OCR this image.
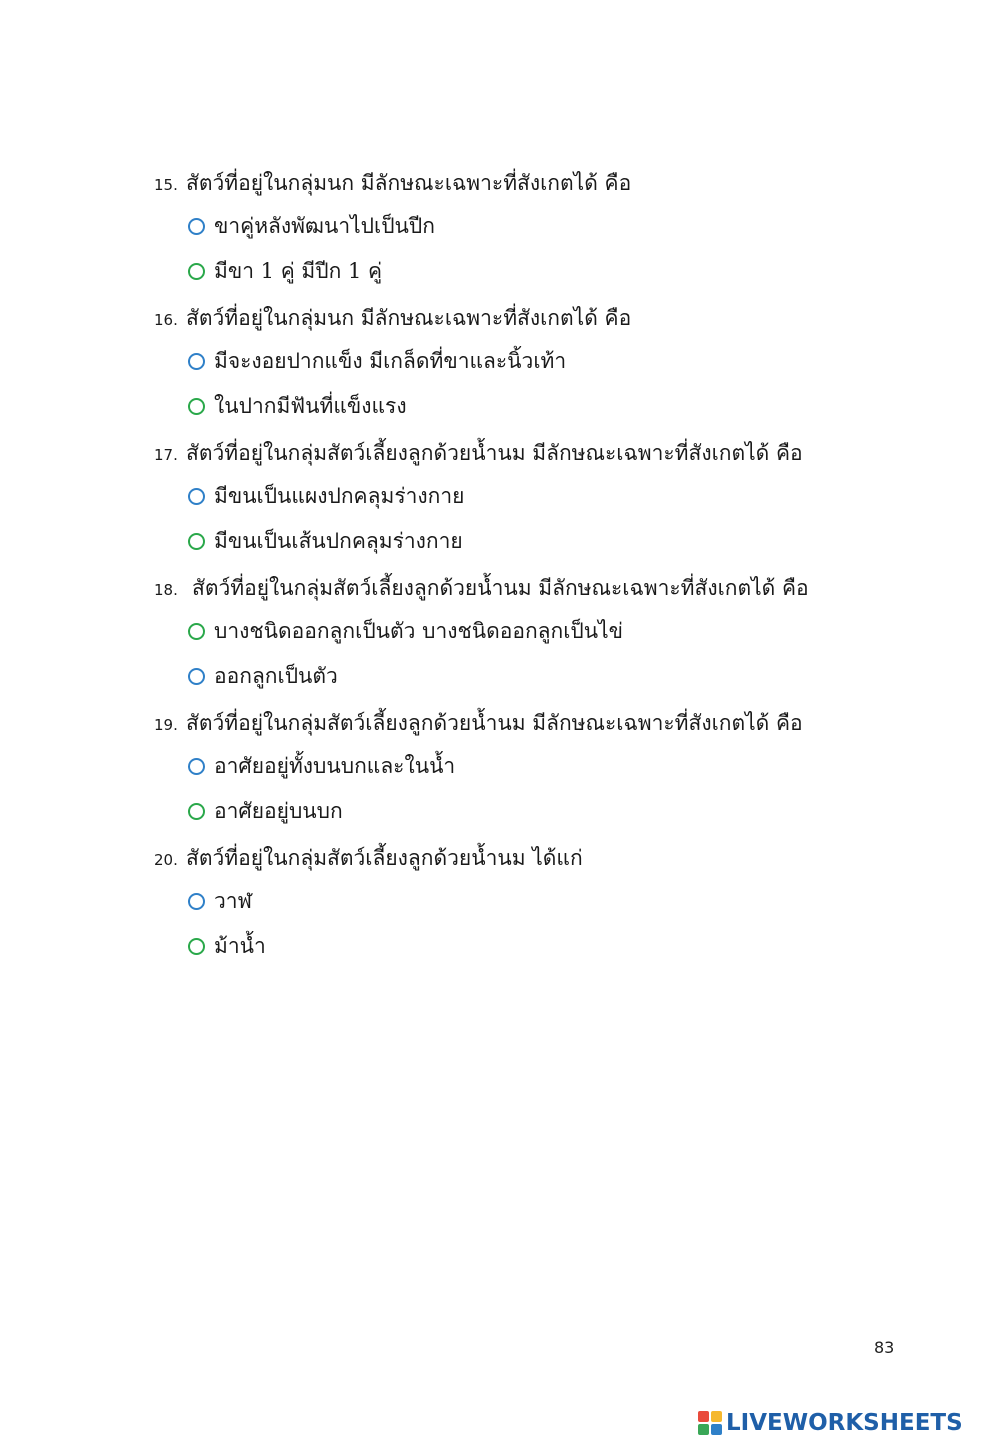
15. สัตว์ที่อยู่ในกลุ่มนก มีลักษณะเฉพาะที่สังเกตได้ คือ
ขาคู่หลังพัฒนาไปเป็นปีก
มีขา 1 คู่ มีปีก 1 คู่
16. สัตว์ที่อยู่ในกลุ่มนก มีลักษณะเฉพาะที่สังเกตได้ คือ
มีจะงอยปากแข็ง มีเกล็ดที่ขาและนิ้วเท้า
ในปากมีฟันที่แข็งแรง
17. สัตว์ที่อยู่ในกลุ่มสัตว์เลี้ยงลูกด้วยน้ำนม มีลักษณะเฉพาะที่สังเกตได้ คือ
มีขนเป็นแผงปกคลุมร่างกาย
มีขนเป็นเส้นปกคลุมร่างกาย
18. สัตว์ที่อยู่ในกลุ่มสัตว์เลี้ยงลูกด้วยน้ำนม มีลักษณะเฉพาะที่สังเกตได้ คือ
บางชนิดออกลูกเป็นตัว บางชนิดออกลูกเป็นไข่
ออกลูกเป็นตัว
19. สัตว์ที่อยู่ในกลุ่มสัตว์เลี้ยงลูกด้วยน้ำนม มีลักษณะเฉพาะที่สังเกตได้ คือ
อาศัยอยู่ทั้งบนบกและในน้ำ
อาศัยอยู่บนบก
20. สัตว์ที่อยู่ในกลุ่มสัตว์เลี้ยงลูกด้วยน้ำนม ได้แก่
วาฬ
ม้าน้ำ
83
LIVEWORKSHEETS
